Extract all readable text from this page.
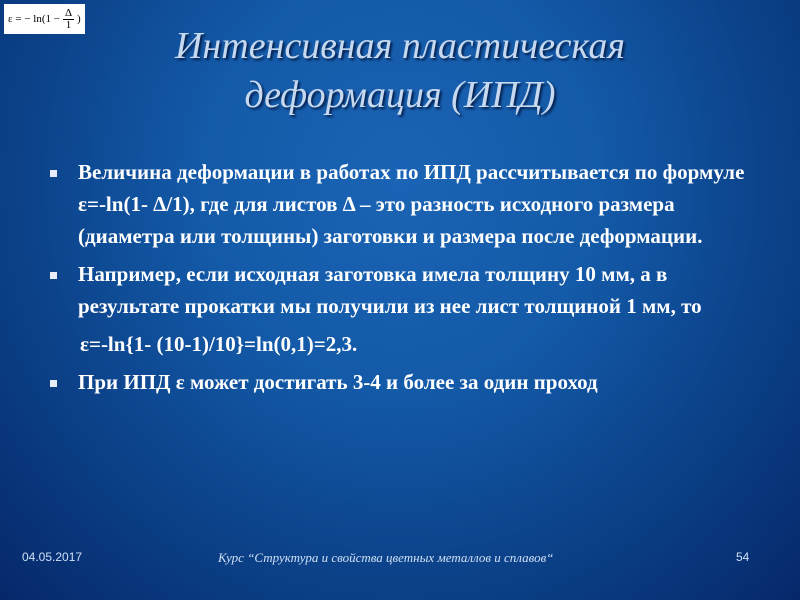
ε = − $\ln(1 - \frac{\Delta}{1}$ )
Интенсивная пластическая
деформация (ИПД)
Величина деформации в работах по ИПД рассчитывается по формуле ε=-ln(1- Δ/1), где для листов Δ – это разность исходного размера (диаметра или толщины) заготовки и размера после деформации.
Например, если исходная заготовка имела толщину 10 мм, а в результате прокатки мы получили из нее лист толщиной 1 мм, то
ε=-ln{1- (10-1)/10}=ln(0,1)=2,3.
При ИПД ε может достигать 3-4 и более за один проход
04.05.2017	Курс “Структура и свойства цветных металлов и сплавов“	54
